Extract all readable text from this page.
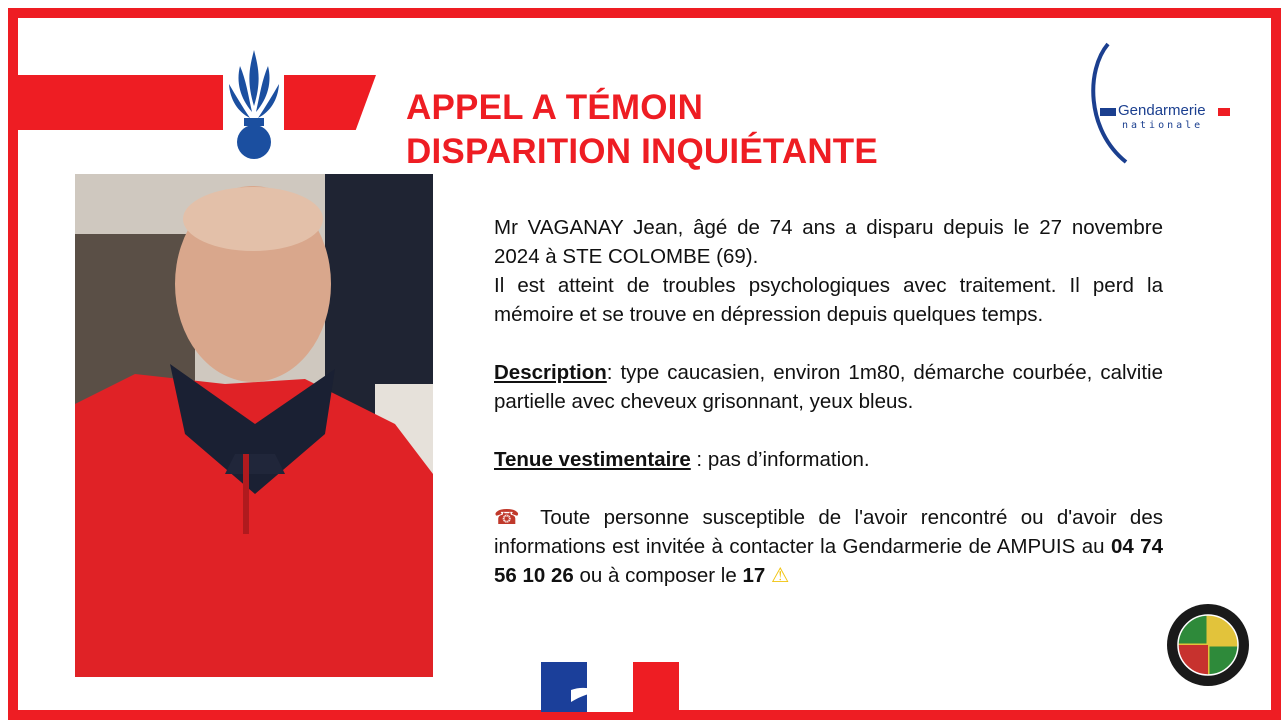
APPEL A TÉMOIN
DISPARITION INQUIÉTANTE
Gendarmerie
nationale

Mr VAGANAY Jean, âgé de 74 ans a disparu depuis le 27 novembre 2024 à STE COLOMBE (69).

Il est atteint de troubles psychologiques avec traitement. Il perd la mémoire et se trouve en dépression depuis quelques temps.

Description: type caucasien, environ 1m80, démarche courbée, calvitie partielle avec cheveux grisonnant, yeux bleus.

Tenue vestimentaire : pas d’information.

☎ Toute personne susceptible de l'avoir rencontré ou d'avoir des informations est invitée à contacter la Gendarmerie de AMPUIS au 04 74 56 10 26 ou à composer le 17 ⚠
